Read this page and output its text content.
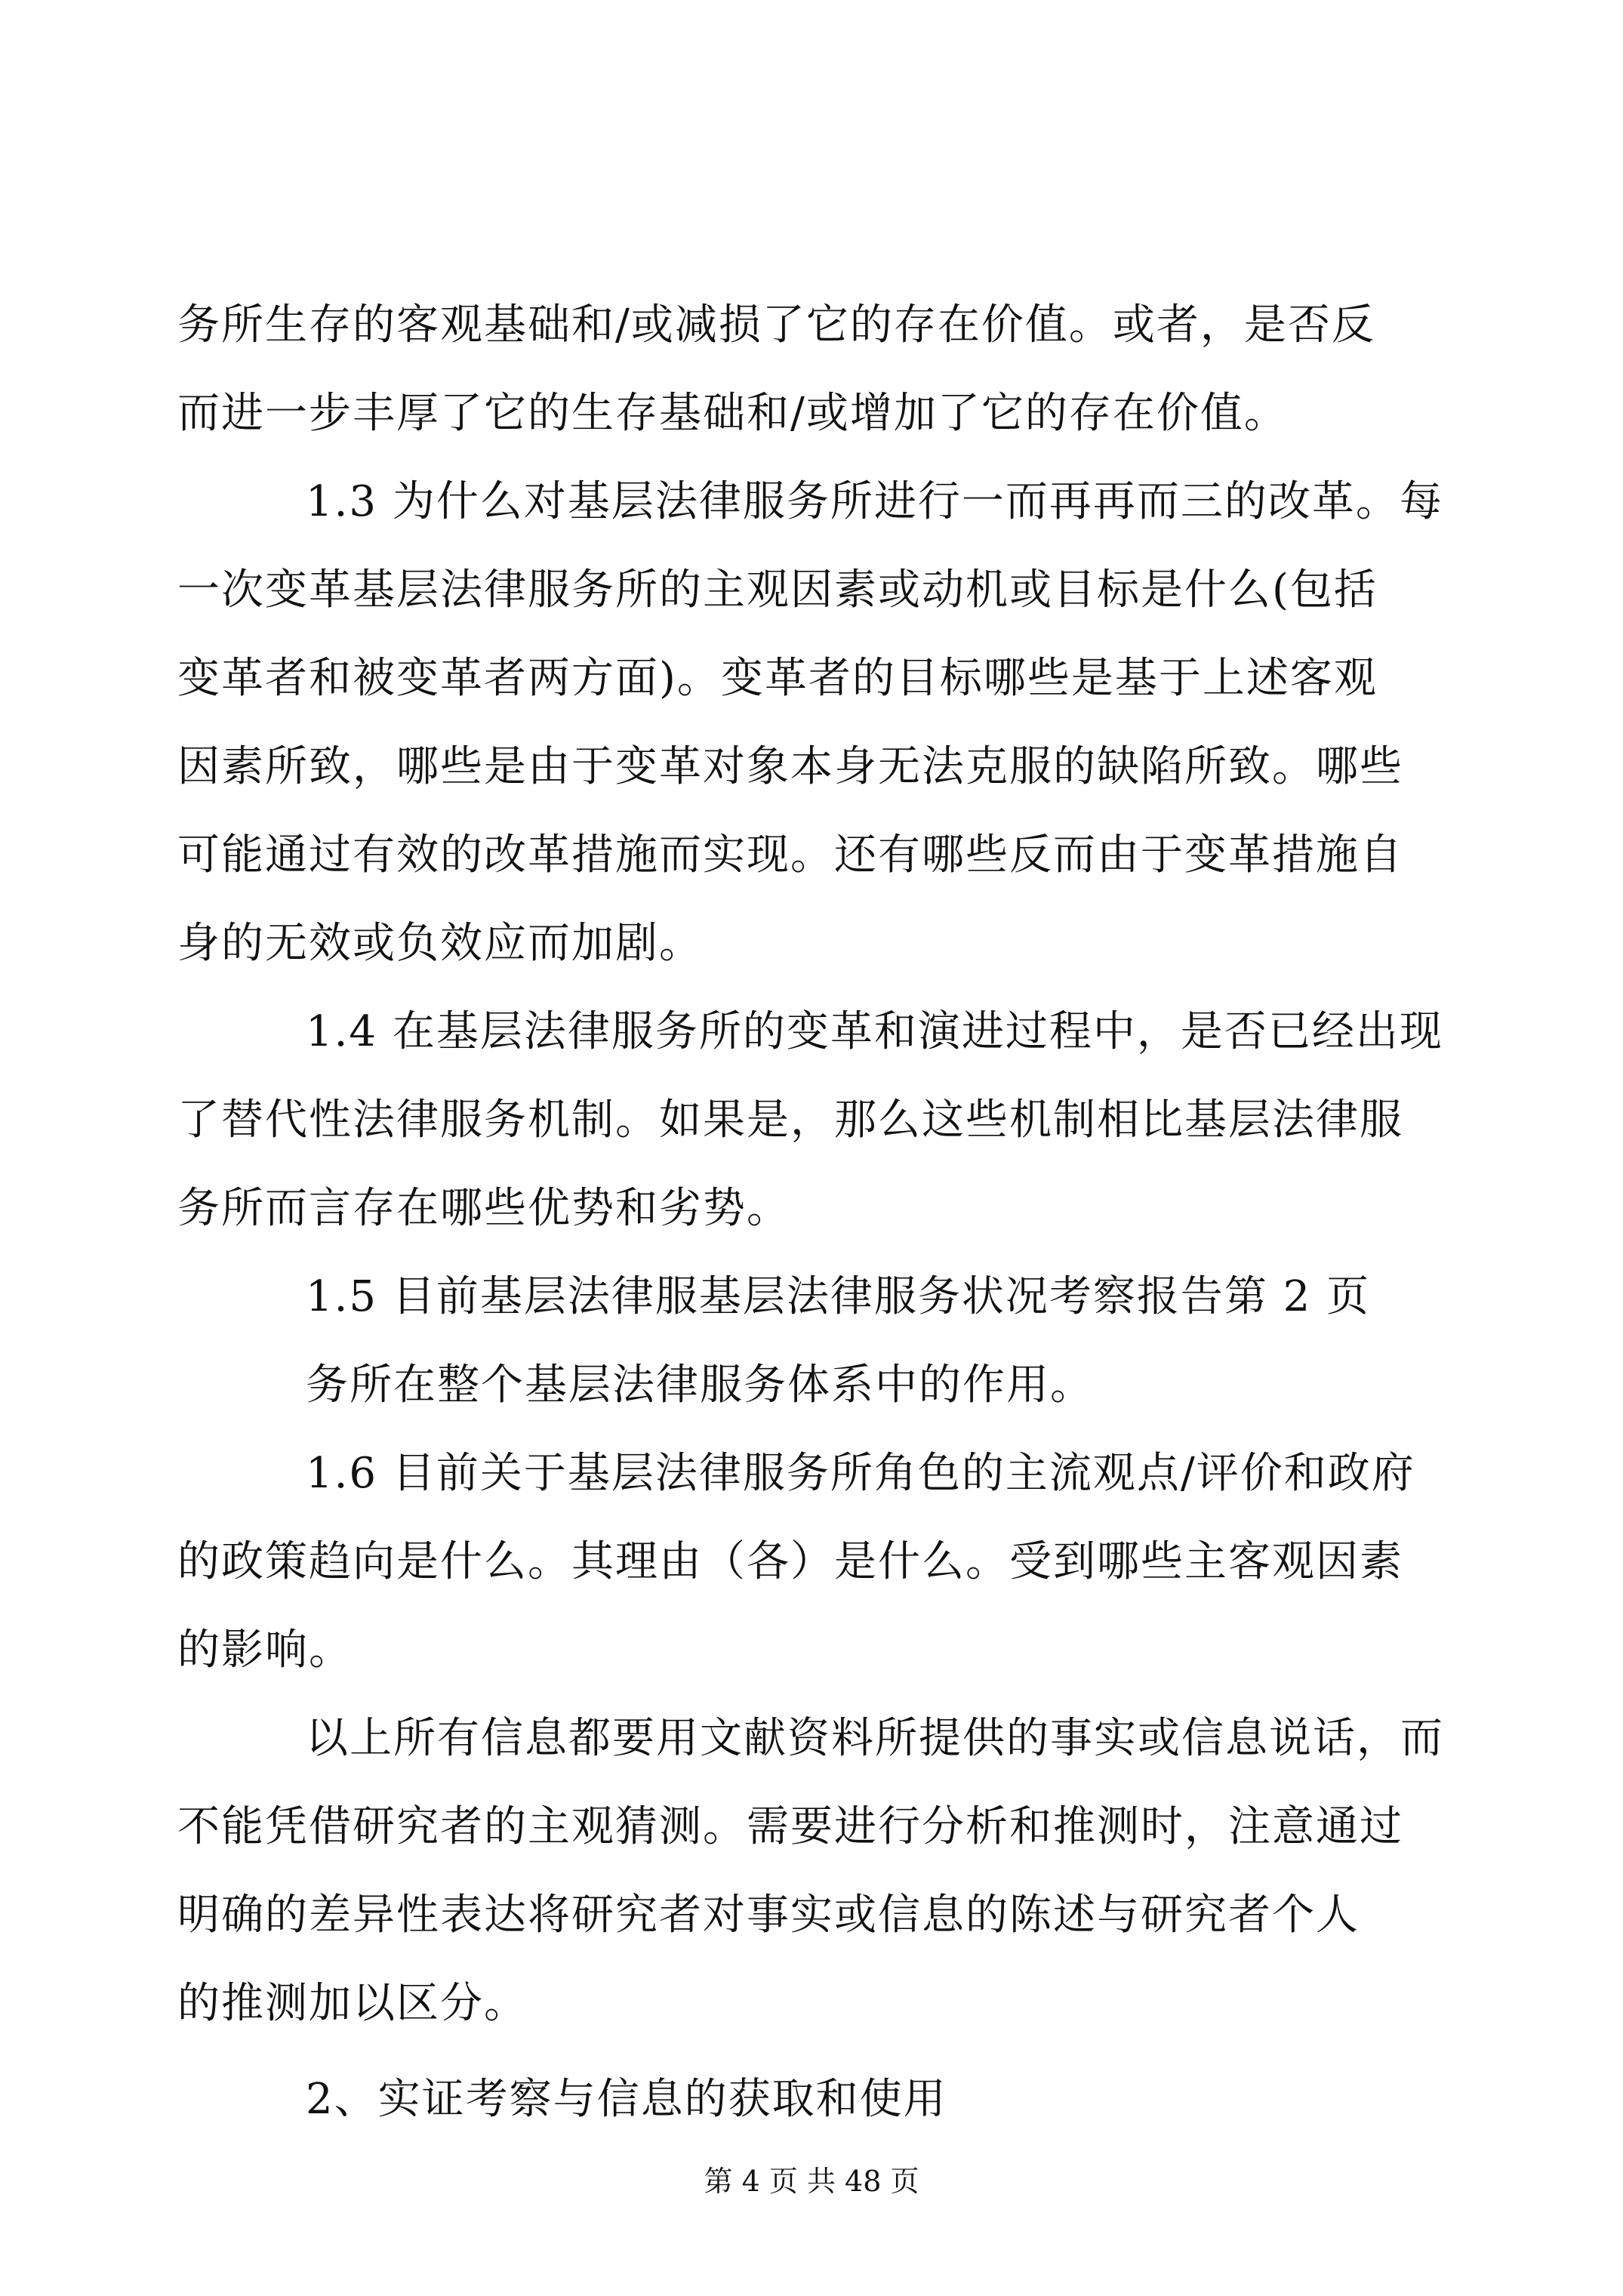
务所生存的客观基础和/或减损了它的存在价值。或者，是否反
而进一步丰厚了它的生存基础和/或增加了它的存在价值。
1.3 为什么对基层法律服务所进行一而再再而三的改革。每
一次变革基层法律服务所的主观因素或动机或目标是什么(包括
变革者和被变革者两方面)。变革者的目标哪些是基于上述客观
因素所致，哪些是由于变革对象本身无法克服的缺陷所致。哪些
可能通过有效的改革措施而实现。还有哪些反而由于变革措施自
身的无效或负效应而加剧。
1.4 在基层法律服务所的变革和演进过程中，是否已经出现
了替代性法律服务机制。如果是，那么这些机制相比基层法律服
务所而言存在哪些优势和劣势。
1.5 目前基层法律服基层法律服务状况考察报告第 2 页
务所在整个基层法律服务体系中的作用。
1.6 目前关于基层法律服务所角色的主流观点/评价和政府
的政策趋向是什么。其理由（各）是什么。受到哪些主客观因素
的影响。
以上所有信息都要用文献资料所提供的事实或信息说话，而
不能凭借研究者的主观猜测。需要进行分析和推测时，注意通过
明确的差异性表达将研究者对事实或信息的陈述与研究者个人
的推测加以区分。
2、实证考察与信息的获取和使用
第 4 页 共 48 页
